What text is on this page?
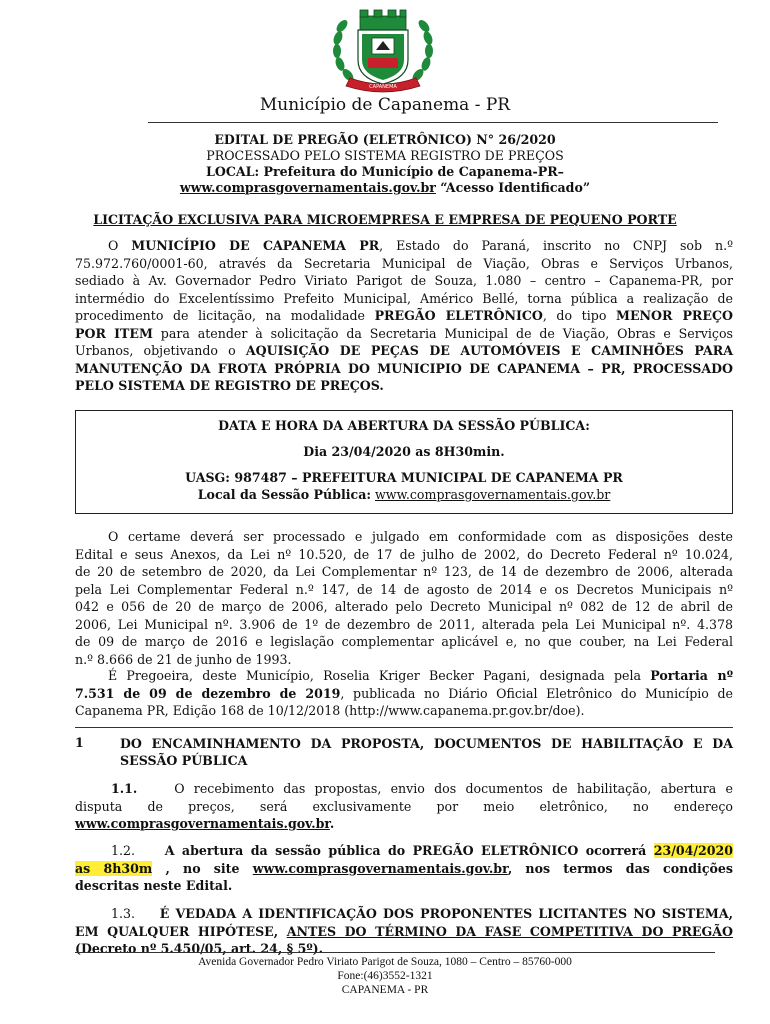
CAPANEMA
Município de Capanema - PR
EDITAL DE PREGÃO (ELETRÔNICO) N° 26/2020
PROCESSADO PELO SISTEMA REGISTRO DE PREÇOS
LOCAL: Prefeitura do Município de Capanema-PR–
www.comprasgovernamentais.gov.br “Acesso Identificado”
LICITAÇÃO EXCLUSIVA PARA MICROEMPRESA E EMPRESA DE PEQUENO PORTE
O MUNICÍPIO DE CAPANEMA PR, Estado do Paraná, inscrito no CNPJ sob n.º
75.972.760/0001-60, através da Secretaria Municipal de Viação, Obras e Serviços Urbanos,
sediado à Av. Governador Pedro Viriato Parigot de Souza, 1.080 – centro – Capanema-PR, por
intermédio do Excelentíssimo Prefeito Municipal, Américo Bellé, torna pública a realização de
procedimento de licitação, na modalidade PREGÃO ELETRÔNICO, do tipo MENOR PREÇO
POR ITEM para atender à solicitação da Secretaria Municipal de de Viação, Obras e Serviços
Urbanos, objetivando o AQUISIÇÃO DE PEÇAS DE AUTOMÓVEIS E CAMINHÕES PARA
MANUTENÇÃO DA FROTA PRÓPRIA DO MUNICIPIO DE CAPANEMA – PR, PROCESSADO
PELO SISTEMA DE REGISTRO DE PREÇOS.
DATA E HORA DA ABERTURA DA SESSÃO PÚBLICA:
Dia 23/04/2020 as 8H30min.
UASG: 987487 – PREFEITURA MUNICIPAL DE CAPANEMA PR
Local da Sessão Pública: www.comprasgovernamentais.gov.br
O certame deverá ser processado e julgado em conformidade com as disposições deste
Edital e seus Anexos, da Lei nº 10.520, de 17 de julho de 2002, do Decreto Federal nº 10.024,
de 20 de setembro de 2020, da Lei Complementar nº 123, de 14 de dezembro de 2006, alterada
pela Lei Complementar Federal n.º 147, de 14 de agosto de 2014 e os Decretos Municipais nº
042 e 056 de 20 de março de 2006, alterado pelo Decreto Municipal nº 082 de 12 de abril de
2006, Lei Municipal nº. 3.906 de 1º de dezembro de 2011, alterada pela Lei Municipal nº. 4.378
de 09 de março de 2016 e legislação complementar aplicável e, no que couber, na Lei Federal
n.º 8.666 de 21 de junho de 1993.
É Pregoeira, deste Município, Roselia Kriger Becker Pagani, designada pela Portaria nº
7.531 de 09 de dezembro de 2019, publicada no Diário Oficial Eletrônico do Município de
Capanema PR, Edição 168 de 10/12/2018 (http://www.capanema.pr.gov.br/doe).
1	DO ENCAMINHAMENTO DA PROPOSTA, DOCUMENTOS DE HABILITAÇÃO E DA
SESSÃO PÚBLICA
1.1.	O recebimento das propostas, envio dos documentos de habilitação, abertura e
disputa    de    preços,    será    exclusivamente    por    meio    eletrônico,    no    endereço
www.comprasgovernamentais.gov.br.
1.2. A abertura da sessão pública do PREGÃO ELETRÔNICO ocorrerá 23/04/2020
as 8h30m , no site www.comprasgovernamentais.gov.br, nos termos das condições
descritas neste Edital.
1.3. É VEDADA A IDENTIFICAÇÃO DOS PROPONENTES LICITANTES NO SISTEMA,
EM QUALQUER HIPÓTESE, ANTES DO TÉRMINO DA FASE COMPETITIVA DO PREGÃO
(Decreto nº 5.450/05, art. 24, § 5º).
Avenida Governador Pedro Viriato Parigot de Souza, 1080 – Centro – 85760-000
Fone:(46)3552-1321
CAPANEMA - PR
